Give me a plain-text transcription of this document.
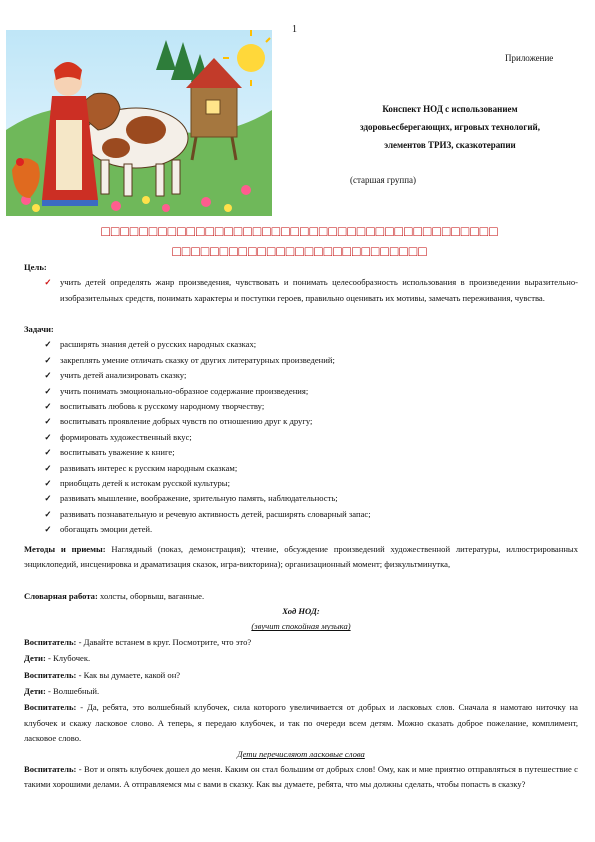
1
Приложение
Конспект НОД с использованием
здоровьесберегающих, игровых технологий,
элементов ТРИЗ, сказкотерапии
(старшая группа)
□□□□□□□□□□□□□□□□□□□□□□□□□□□□□□□□□□□□□□□□□□
□□□□□□□□□□□□□□□□□□□□□□□□□□□
Цель:
✓ учить детей определять жанр произведения, чувствовать и понимать целесообразность использования в произведении выразительно-изобразительных средств, понимать характеры и поступки героев, правильно оценивать их мотивы, замечать переживания, чувства.
Задачи:
✓ расширять знания детей о русских народных сказках;
✓ закреплять умение отличать сказку от других литературных произведений;
✓ учить детей анализировать сказку;
✓ учить понимать эмоционально-образное содержание произведения;
✓ воспитывать любовь к русскому народному творчеству;
✓ воспитывать проявление добрых чувств по отношению друг к другу;
✓ формировать художественный вкус;
✓ воспитывать уважение к книге;
✓ развивать интерес к русским народным сказкам;
✓ приобщать детей к истокам русской культуры;
✓ развивать мышление, воображение, зрительную память, наблюдательность;
✓ развивать познавательную и речевую активность детей, расширять словарный запас;
✓ обогащать эмоции детей.
Методы и приемы: Наглядный (показ, демонстрация); чтение, обсуждение произведений художественной литературы, иллюстрированных энциклопедий, инсценировка и драматизация сказок, игра-викторина); организационный момент; физкультминутка,
Словарная работа: холсты, оборвыш, ваганные.
Ход НОД:
(звучит спокойная музыка)
Воспитатель: - Давайте встанем в круг. Посмотрите, что это?
Дети: - Клубочек.
Воспитатель: - Как вы думаете, какой он?
Дети: - Волшебный.
Воспитатель: - Да, ребята, это волшебный клубочек, сила которого увеличивается от добрых и ласковых слов. Сначала я намотаю ниточку на клубочек и скажу ласковое слово. А теперь, я передаю клубочек, и так по очереди всем детям. Можно сказать доброе пожелание, комплимент, ласковое слово.
Дети перечисляют ласковые слова
Воспитатель: - Вот и опять клубочек дошел до меня. Каким он стал большим от добрых слов! Ому, как и мне приятно отправляться в путешествие с такими хорошими делами. А отправляемся мы с вами в сказку. Как вы думаете, ребята, что мы должны сделать, чтобы попасть в сказку?
